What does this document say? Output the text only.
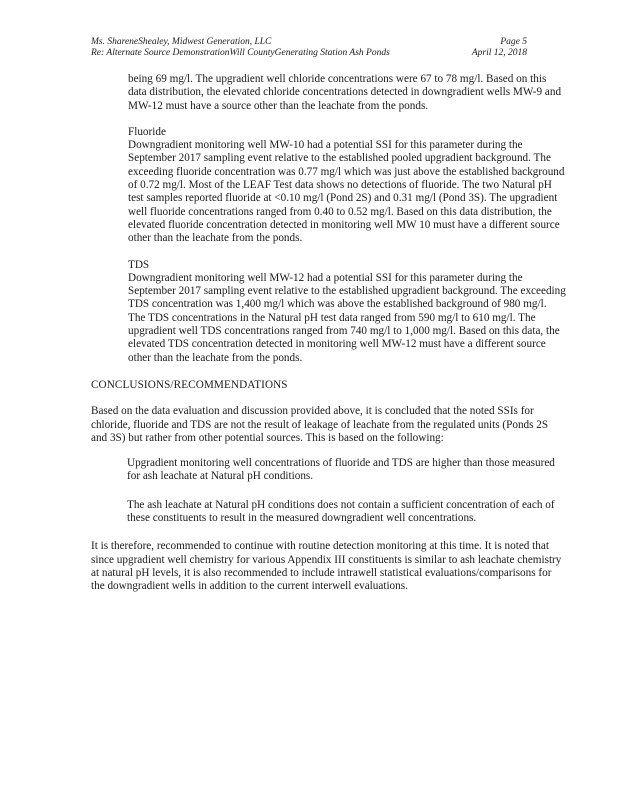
Ms. ShareneShealey, Midwest Generation, LLC	Page 5
Re: Alternate Source DemonstrationWill CountyGenerating Station Ash Ponds	April 12, 2018

being 69 mg/l. The upgradient well chloride concentrations were 67 to 78 mg/l. Based on this data distribution, the elevated chloride concentrations detected in downgradient wells MW-9 and MW-12 must have a source other than the leachate from the ponds.

Fluoride

Downgradient monitoring well MW-10 had a potential SSI for this parameter during the September 2017 sampling event relative to the established pooled upgradient background. The exceeding fluoride concentration was 0.77 mg/l which was just above the established background of 0.72 mg/l. Most of the LEAF Test data shows no detections of fluoride. The two Natural pH test samples reported fluoride at <0.10 mg/l (Pond 2S) and 0.31 mg/l (Pond 3S). The upgradient well fluoride concentrations ranged from 0.40 to 0.52 mg/l. Based on this data distribution, the elevated fluoride concentration detected in monitoring well MW 10 must have a different source other than the leachate from the ponds.

TDS

Downgradient monitoring well MW-12 had a potential SSI for this parameter during the September 2017 sampling event relative to the established upgradient background. The exceeding TDS concentration was 1,400 mg/l which was above the established background of 980 mg/l. The TDS concentrations in the Natural pH test data ranged from 590 mg/l to 610 mg/l. The upgradient well TDS concentrations ranged from 740 mg/l to 1,000 mg/l. Based on this data, the elevated TDS concentration detected in monitoring well MW-12 must have a different source other than the leachate from the ponds.

CONCLUSIONS/RECOMMENDATIONS

Based on the data evaluation and discussion provided above, it is concluded that the noted SSIs for chloride, fluoride and TDS are not the result of leakage of leachate from the regulated units (Ponds 2S and 3S) but rather from other potential sources. This is based on the following:

Upgradient monitoring well concentrations of fluoride and TDS are higher than those measured for ash leachate at Natural pH conditions.
The ash leachate at Natural pH conditions does not contain a sufficient concentration of each of these constituents to result in the measured downgradient well concentrations.

It is therefore, recommended to continue with routine detection monitoring at this time. It is noted that since upgradient well chemistry for various Appendix III constituents is similar to ash leachate chemistry at natural pH levels, it is also recommended to include intrawell statistical evaluations/comparisons for the downgradient wells in addition to the current interwell evaluations.
